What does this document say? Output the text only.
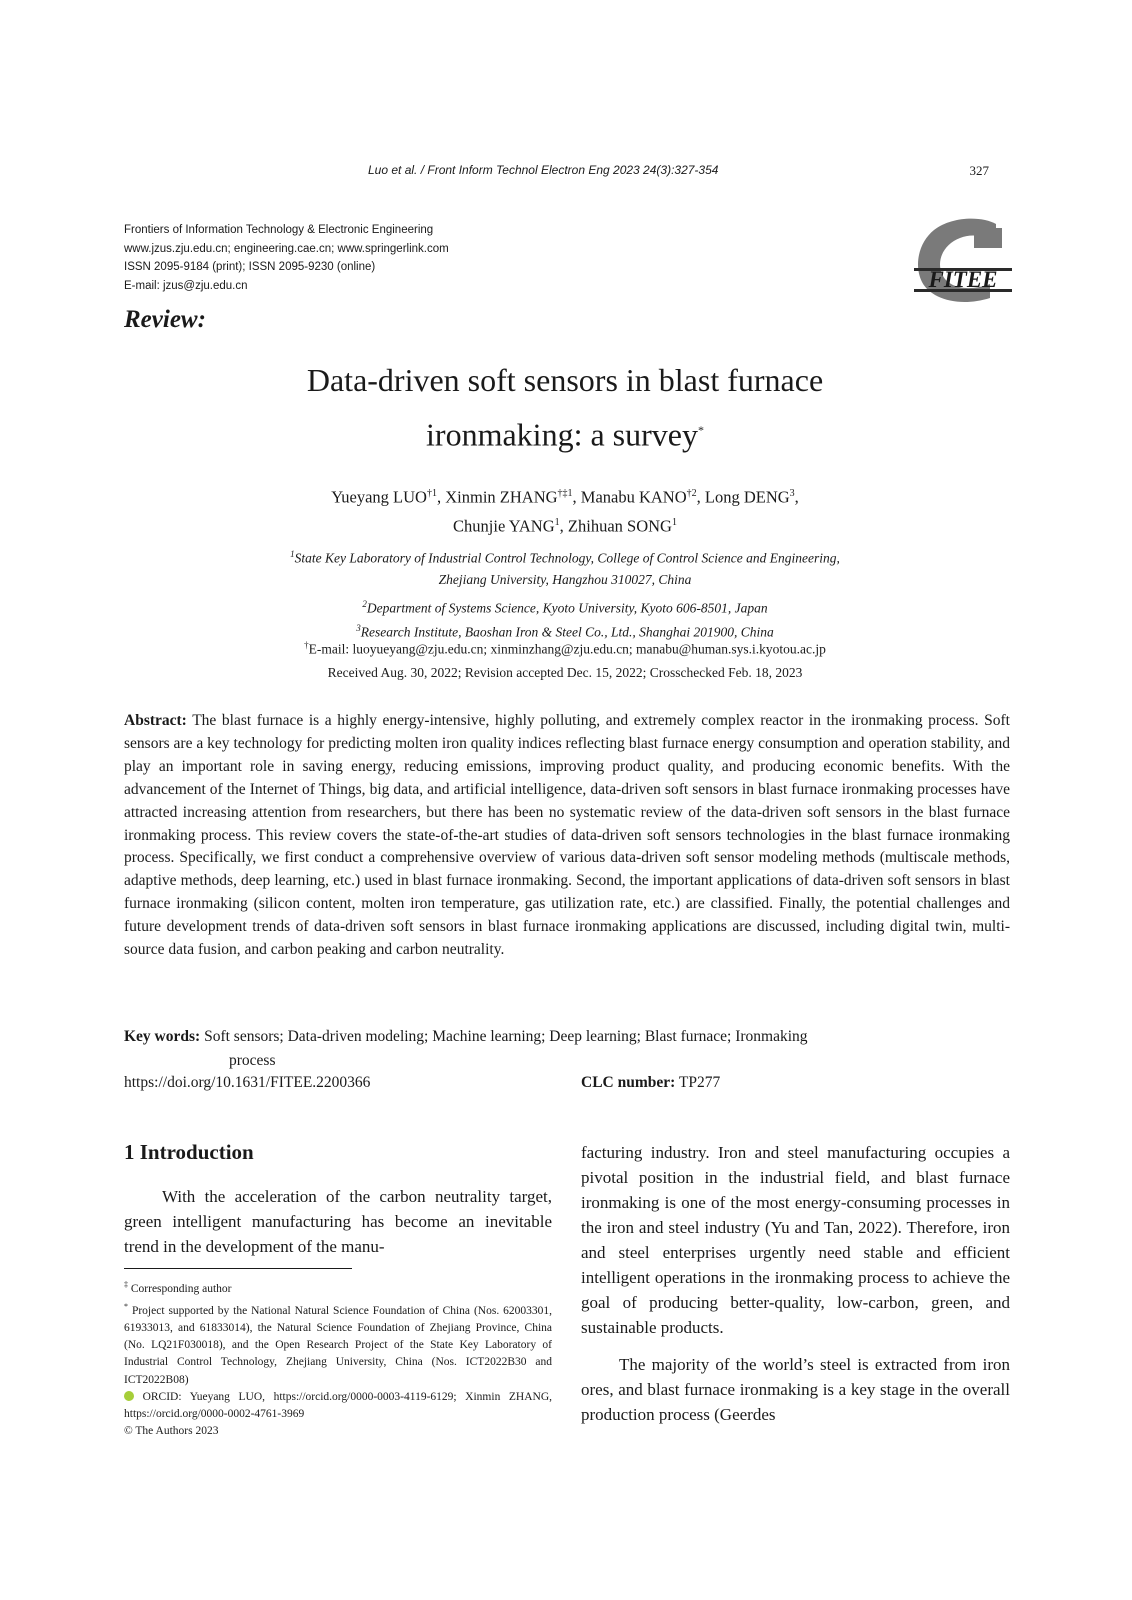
Luo et al. / Front Inform Technol Electron Eng 2023 24(3):327-354	327
Frontiers of Information Technology & Electronic Engineering
www.jzus.zju.edu.cn; engineering.cae.cn; www.springerlink.com
ISSN 2095-9184 (print); ISSN 2095-9230 (online)
E-mail: jzus@zju.edu.cn	FITEE
Review:
Data-driven soft sensors in blast furnace
ironmaking: a survey*
Yueyang LUO$^{\dagger 1}$, Xinmin ZHANG$^{\dagger\ddagger 1}$, Manabu KANO$^{\dagger 2}$, Long DENG$^3$,
Chunjie YANG$^1$, Zhihuan SONG$^1$
$^1$State Key Laboratory of Industrial Control Technology, College of Control Science and Engineering,
Zhejiang University, Hangzhou 310027, China
$^2$Department of Systems Science, Kyoto University, Kyoto 606-8501, Japan
$^3$Research Institute, Baoshan Iron & Steel Co., Ltd., Shanghai 201900, China
†E-mail: luoyueyang@zju.edu.cn; xinminzhang@zju.edu.cn; manabu@human.sys.i.kyotou.ac.jp
Received Aug. 30, 2022; Revision accepted Dec. 15, 2022; Crosschecked Feb. 18, 2023
Abstract: The blast furnace is a highly energy-intensive, highly polluting, and extremely complex reactor in the ironmaking process. Soft sensors are a key technology for predicting molten iron quality indices reflecting blast furnace energy consumption and operation stability, and play an important role in saving energy, reducing emissions, improving product quality, and producing economic benefits. With the advancement of the Internet of Things, big data, and artificial intelligence, data-driven soft sensors in blast furnace ironmaking processes have attracted increasing attention from researchers, but there has been no systematic review of the data-driven soft sensors in the blast furnace ironmaking process. This review covers the state-of-the-art studies of data-driven soft sensors technologies in the blast furnace ironmaking process. Specifically, we first conduct a comprehensive overview of various data-driven soft sensor modeling methods (multiscale methods, adaptive methods, deep learning, etc.) used in blast furnace ironmaking. Second, the important applications of data-driven soft sensors in blast furnace ironmaking (silicon content, molten iron temperature, gas utilization rate, etc.) are classified. Finally, the potential challenges and future development trends of data-driven soft sensors in blast furnace ironmaking applications are discussed, including digital twin, multi-source data fusion, and carbon peaking and carbon neutrality.
Key words: Soft sensors; Data-driven modeling; Machine learning; Deep learning; Blast furnace; Ironmaking
process
https://doi.org/10.1631/FITEE.2200366	CLC number: TP277
1 Introduction

With the acceleration of the carbon neutrality target, green intelligent manufacturing has become an inevitable trend in the development of the manu-

‡ Corresponding author
* Project supported by the National Natural Science Foundation of China (Nos. 62003301, 61933013, and 61833014), the Natural Science Foundation of Zhejiang Province, China (No. LQ21F030018), and the Open Research Project of the State Key Laboratory of Industrial Control Technology, Zhejiang University, China (Nos. ICT2022B30 and ICT2022B08)
ORCID: Yueyang LUO, https://orcid.org/0000-0003-4119-6129; Xinmin ZHANG, https://orcid.org/0000-0002-4761-3969
© The Authors 2023

facturing industry. Iron and steel manufacturing occupies a pivotal position in the industrial field, and blast furnace ironmaking is one of the most energy-consuming processes in the iron and steel industry (Yu and Tan, 2022). Therefore, iron and steel enterprises urgently need stable and efficient intelligent operations in the ironmaking process to achieve the goal of producing better-quality, low-carbon, green, and sustainable products.

The majority of the world’s steel is extracted from iron ores, and blast furnace ironmaking is a key stage in the overall production process (Geerdes
